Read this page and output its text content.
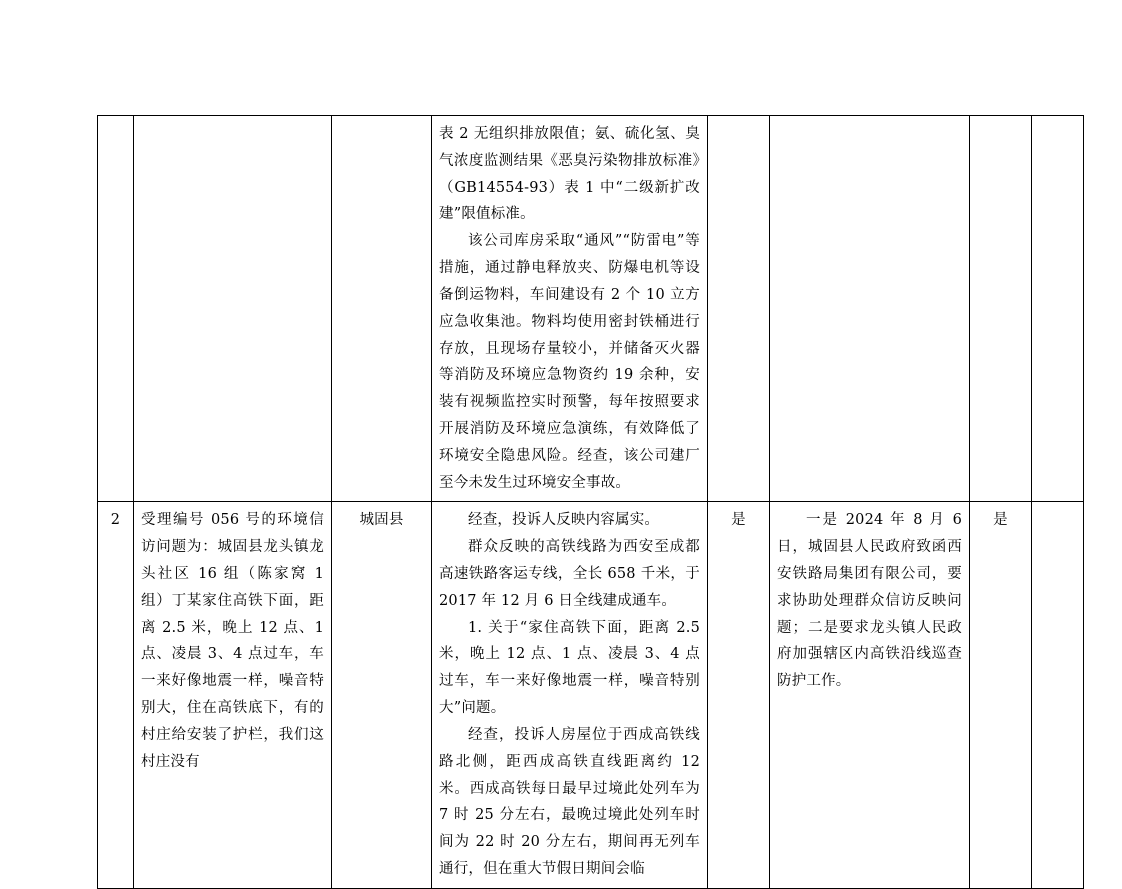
			表 2 无组织排放限值；氨、硫化氢、臭气浓度监测结果《恶臭污染物排放标准》（GB14554-93）表 1 中“二级新扩改建”限值标准。

该公司库房采取“通风”“防雷电”等措施，通过静电释放夹、防爆电机等设备倒运物料，车间建设有 2 个 10 立方应急收集池。物料均使用密封铁桶进行存放，且现场存量较小，并储备灭火器等消防及环境应急物资约 19 余种，安装有视频监控实时预警，每年按照要求开展消防及环境应急演练，有效降低了环境安全隐患风险。经查，该公司建厂至今未发生过环境安全事故。				

2	受理编号 056 号的环境信访问题为：城固县龙头镇龙头社区 16 组（陈家窝 1 组）丁某家住高铁下面，距离 2.5 米，晚上 12 点、1 点、凌晨 3、4 点过车，车一来好像地震一样，噪音特别大，住在高铁底下，有的村庄给安装了护栏，我们这村庄没有	城固县	经查，投诉人反映内容属实。

群众反映的高铁线路为西安至成都高速铁路客运专线，全长 658 千米，于 2017 年 12 月 6 日全线建成通车。

1. 关于“家住高铁下面，距离 2.5 米，晚上 12 点、1 点、凌晨 3、4 点过车，车一来好像地震一样，噪音特别大”问题。

经查，投诉人房屋位于西成高铁线路北侧，距西成高铁直线距离约 12 米。西成高铁每日最早过境此处列车为 7 时 25 分左右，最晚过境此处列车时间为 22 时 20 分左右，期间再无列车通行，但在重大节假日期间会临	是	一是 2024 年 8 月 6 日，城固县人民政府致函西安铁路局集团有限公司，要求协助处理群众信访反映问题；二是要求龙头镇人民政府加强辖区内高铁沿线巡查防护工作。	是	
